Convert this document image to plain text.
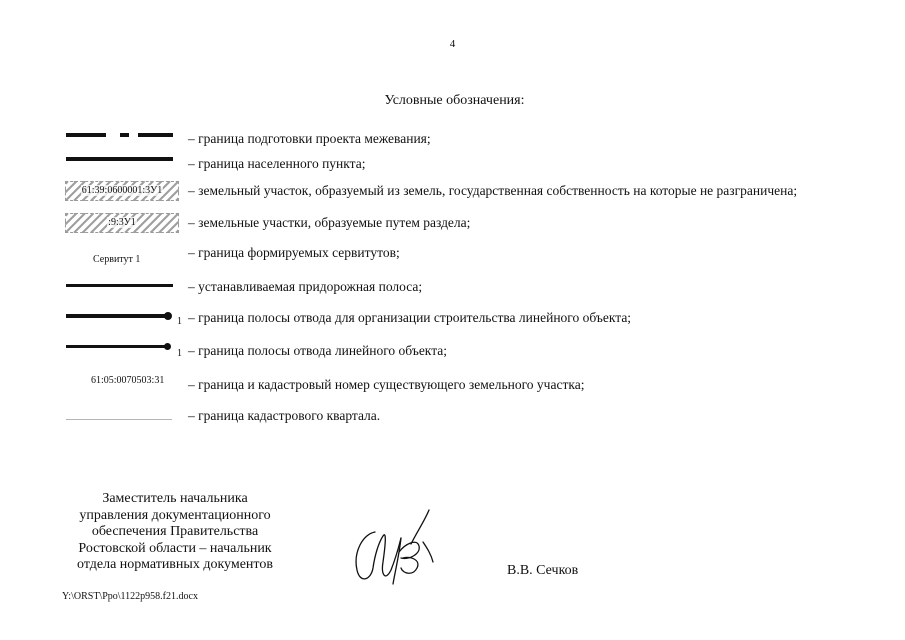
4
Условные обозначения:
– граница подготовки проекта межевания;
– граница населенного пункта;
61:39:0600001:3У1	– земельный участок, образуемый из земель, государственная собственность на которые не разграничена;
:9:3У1	– земельные участки, образуемые путем раздела;
Сервитут 1	– граница формируемых сервитутов;
– устанавливаемая придорожная полоса;
1 – граница полосы отвода для организации строительства линейного объекта;
1 – граница полосы отвода линейного объекта;
61:05:0070503:31 – граница и кадастровый номер существующего земельного участка;
– граница кадастрового квартала.
Заместитель начальника
управления документационного
обеспечения Правительства
Ростовской области – начальник
отдела нормативных документов	В.В. Сечков
Y:\ORST\Ppo\1122p958.f21.docx
